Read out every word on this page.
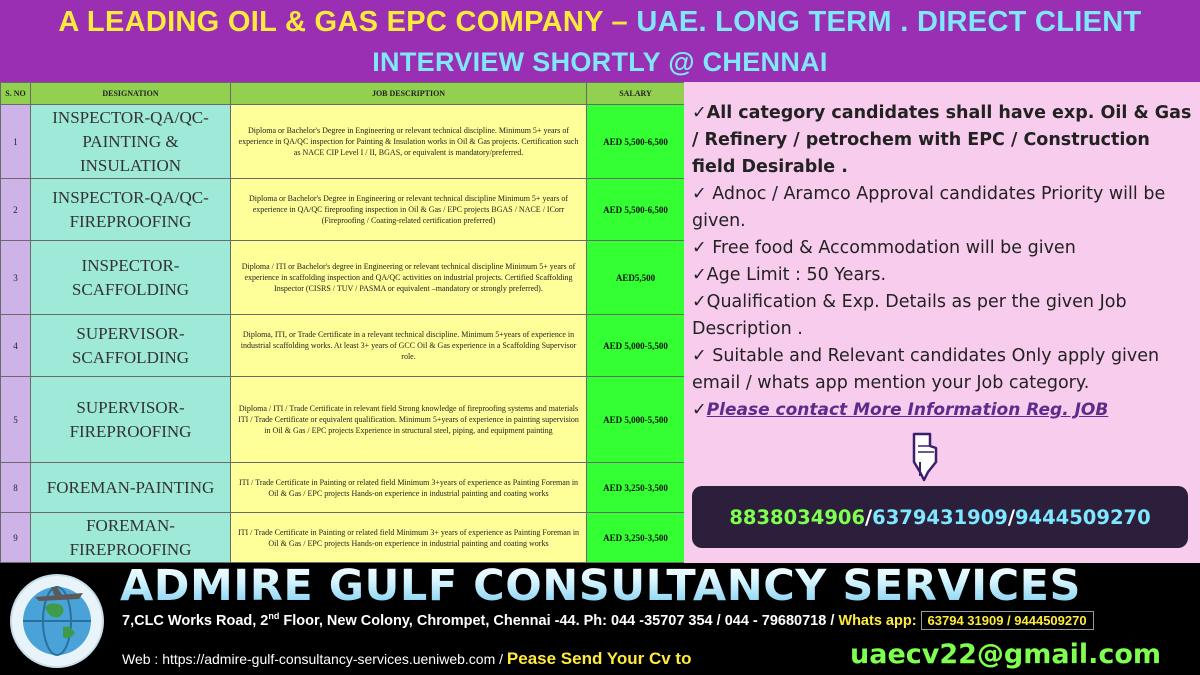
A LEADING OIL & GAS EPC COMPANY – UAE. LONG TERM . DIRECT CLIENT
INTERVIEW SHORTLY @ CHENNAI
S. NO	DESIGNATION	JOB DESCRIPTION	SALARY
1	INSPECTOR-QA/QC-PAINTING & INSULATION	Diploma or Bachelor's Degree in Engineering or relevant technical discipline. Minimum 5+ years of experience in QA/QC inspection for Painting & Insulation works in Oil & Gas projects. Certification such as NACE CIP Level I / II, BGAS, or equivalent is mandatory/preferred.	AED 5,500-6,500
2	INSPECTOR-QA/QC-FIREPROOFING	Diploma or Bachelor's Degree in Engineering or relevant technical discipline Minimum 5+ years of experience in QA/QC fireproofing inspection in Oil & Gas / EPC projects BGAS / NACE / ICorr (Fireproofing / Coating-related certification preferred)	AED 5,500-6,500
3	INSPECTOR-SCAFFOLDING	Diploma / ITI or Bachelor's degree in Engineering or relevant technical discipline Minimum 5+ years of experience in scaffolding inspection and QA/QC activities on industrial projects. Certified Scaffolding Inspector (CISRS / TUV / PASMA or equivalent –mandatory or strongly preferred).	AED5,500
4	SUPERVISOR-SCAFFOLDING	Diploma, ITI, or Trade Certificate in a relevant technical discipline. Minimum 5+years of experience in industrial scaffolding works. At least 3+ years of GCC Oil & Gas experience in a Scaffolding Supervisor role.	AED 5,000-5,500
5	SUPERVISOR-FIREPROOFING	Diploma / ITI / Trade Certificate in relevant field Strong knowledge of fireproofing systems and materials ITI / Trade Certificate or equivalent qualification. Minimum 5+years of experience in painting supervision in Oil & Gas / EPC projects Experience in structural steel, piping, and equipment painting	AED 5,000-5,500
8	FOREMAN-PAINTING	ITI / Trade Certificate in Painting or related field Minimum 3+years of experience as Painting Foreman in Oil & Gas / EPC projects Hands-on experience in industrial painting and coating works	AED 3,250-3,500
9	FOREMAN-FIREPROOFING	ITI / Trade Certificate in Painting or related field Minimum 3+ years of experience as Painting Foreman in Oil & Gas / EPC projects Hands-on experience in industrial painting and coating works	AED 3,250-3,500
✓All category candidates shall have exp. Oil & Gas / Refinery / petrochem with EPC / Construction field Desirable .
✓ Adnoc / Aramco Approval candidates Priority will be given.
✓ Free food & Accommodation will be given
✓Age Limit : 50 Years.
✓Qualification & Exp. Details as per the given Job Description .
✓ Suitable and Relevant candidates Only apply given email / whats app mention your Job category.
✓Please contact More Information Reg. JOB
8838034906 / 6379431909 / 9444509270
ADMIRE GULF CONSULTANCY SERVICES
7,CLC Works Road, 2nd Floor, New Colony, Chrompet, Chennai -44. Ph: 044 -35707 354 / 044 - 79680718 / Whats app: 63794 31909 / 9444509270
Web : https://admire-gulf-consultancy-services.ueniweb.com / Pease Send Your Cv to	uaecv22@gmail.com
